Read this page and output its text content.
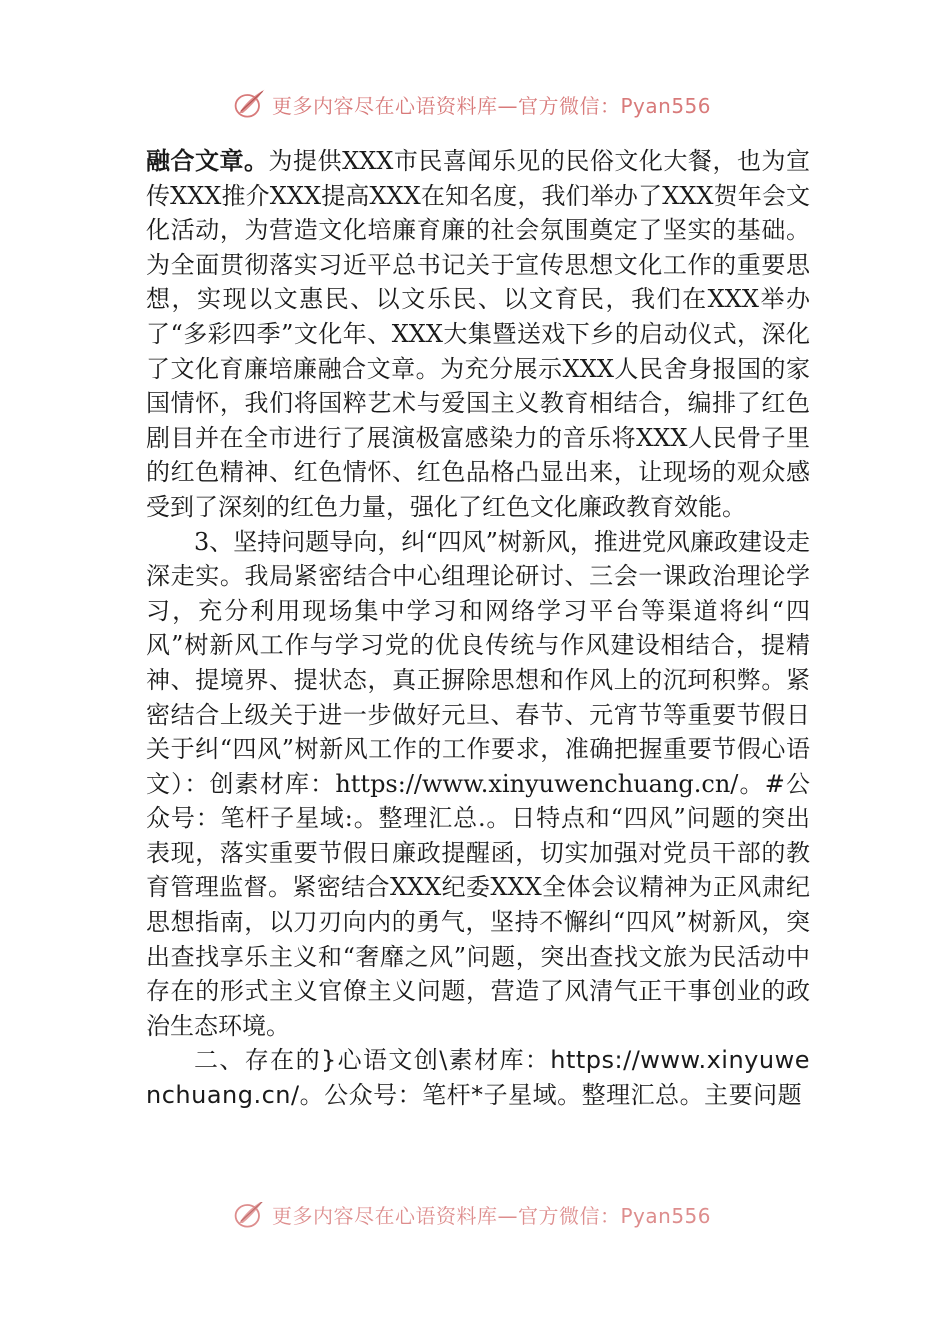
更多内容尽在心语资料库—官方微信：Pyan556

融合文章。为提供XXX市民喜闻乐见的民俗文化大餐，也为宣传XXX推介XXX提高XXX在知名度，我们举办了XXX贺年会文化活动，为营造文化培廉育廉的社会氛围奠定了坚实的基础。为全面贯彻落实习近平总书记关于宣传思想文化工作的重要思想，实现以文惠民、以文乐民、以文育民，我们在XXX举办了“多彩四季”文化年、XXX大集暨送戏下乡的启动仪式，深化了文化育廉培廉融合文章。为充分展示XXX人民舍身报国的家国情怀，我们将国粹艺术与爱国主义教育相结合，编排了红色剧目并在全市进行了展演极富感染力的音乐将XXX人民骨子里的红色精神、红色情怀、红色品格凸显出来，让现场的观众感受到了深刻的红色力量，强化了红色文化廉政教育效能。

3、坚持问题导向，纠“四风”树新风，推进党风廉政建设走深走实。我局紧密结合中心组理论研讨、三会一课政治理论学习，充分利用现场集中学习和网络学习平台等渠道将纠“四风”树新风工作与学习党的优良传统与作风建设相结合，提精神、提境界、提状态，真正摒除思想和作风上的沉珂积弊。紧密结合上级关于进一步做好元旦、春节、元宵节等重要节假日关于纠“四风”树新风工作的工作要求，准确把握重要节假心语文）：创素材库：https://www.xinyuwenchuang.cn/。#公众号：笔杆子星域:。整理汇总.。日特点和“四风”问题的突出表现，落实重要节假日廉政提醒函，切实加强对党员干部的教育管理监督。紧密结合XXX纪委XXX全体会议精神为正风肃纪思想指南，以刀刃向内的勇气，坚持不懈纠“四风”树新风，突出查找享乐主义和“奢靡之风”问题，突出查找文旅为民活动中存在的形式主义官僚主义问题，营造了风清气正干事创业的政治生态环境。

二、存在的}心语文创\素材库：https://www.xinyuwenchuang.cn/。公众号：笔杆*子星域。整理汇总。主要问题

更多内容尽在心语资料库—官方微信：Pyan556
